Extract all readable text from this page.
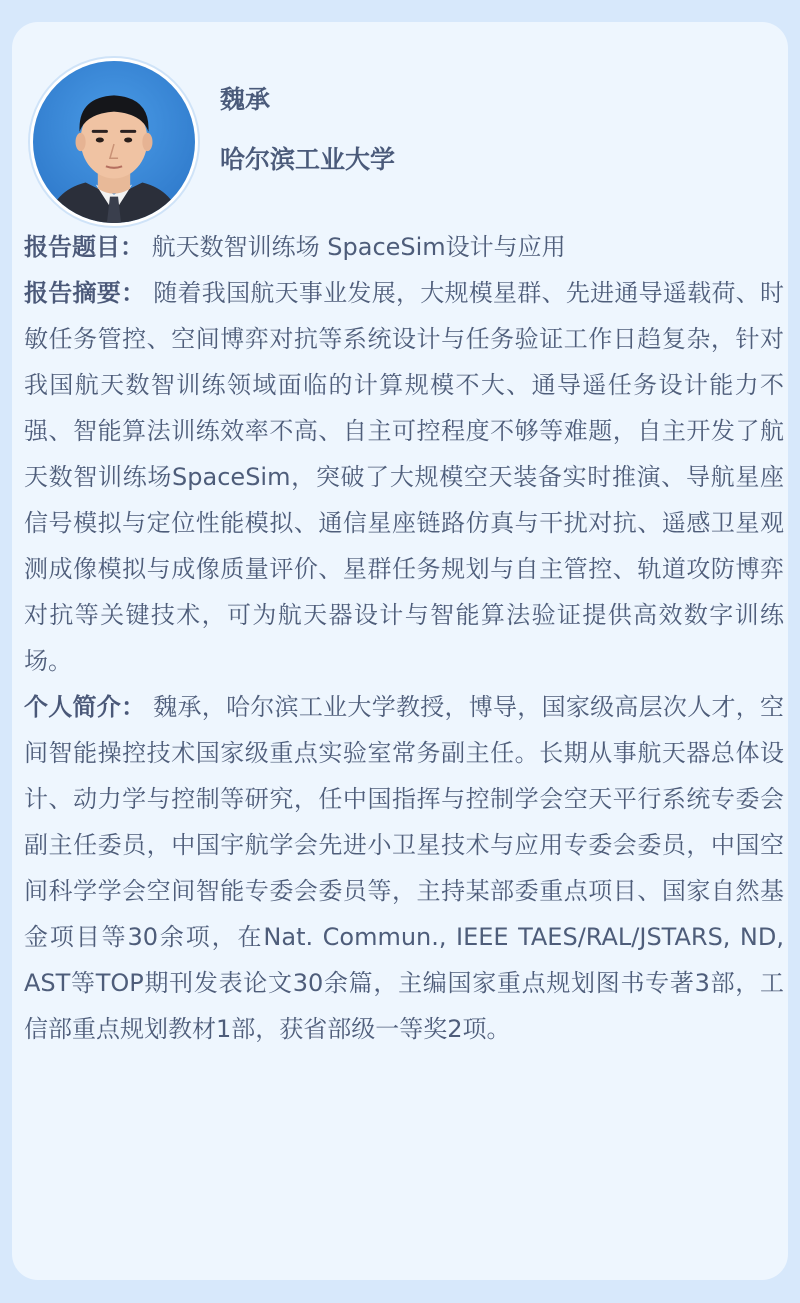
魏承
哈尔滨工业大学

报告题目： 航天数智训练场 SpaceSim设计与应用

报告摘要： 随着我国航天事业发展，大规模星群、先进通导遥载荷、时敏任务管控、空间博弈对抗等系统设计与任务验证工作日趋复杂，针对我国航天数智训练领域面临的计算规模不大、通导遥任务设计能力不强、智能算法训练效率不高、自主可控程度不够等难题，自主开发了航天数智训练场SpaceSim，突破了大规模空天装备实时推演、导航星座信号模拟与定位性能模拟、通信星座链路仿真与干扰对抗、遥感卫星观测成像模拟与成像质量评价、星群任务规划与自主管控、轨道攻防博弈对抗等关键技术，可为航天器设计与智能算法验证提供高效数字训练场。

个人简介： 魏承，哈尔滨工业大学教授，博导，国家级高层次人才，空间智能操控技术国家级重点实验室常务副主任。长期从事航天器总体设计、动力学与控制等研究，任中国指挥与控制学会空天平行系统专委会副主任委员，中国宇航学会先进小卫星技术与应用专委会委员，中国空间科学学会空间智能专委会委员等，主持某部委重点项目、国家自然基金项目等30余项，在Nat. Commun., IEEE TAES/RAL/JSTARS, ND, AST等TOP期刊发表论文30余篇，主编国家重点规划图书专著3部，工信部重点规划教材1部，获省部级一等奖2项。
